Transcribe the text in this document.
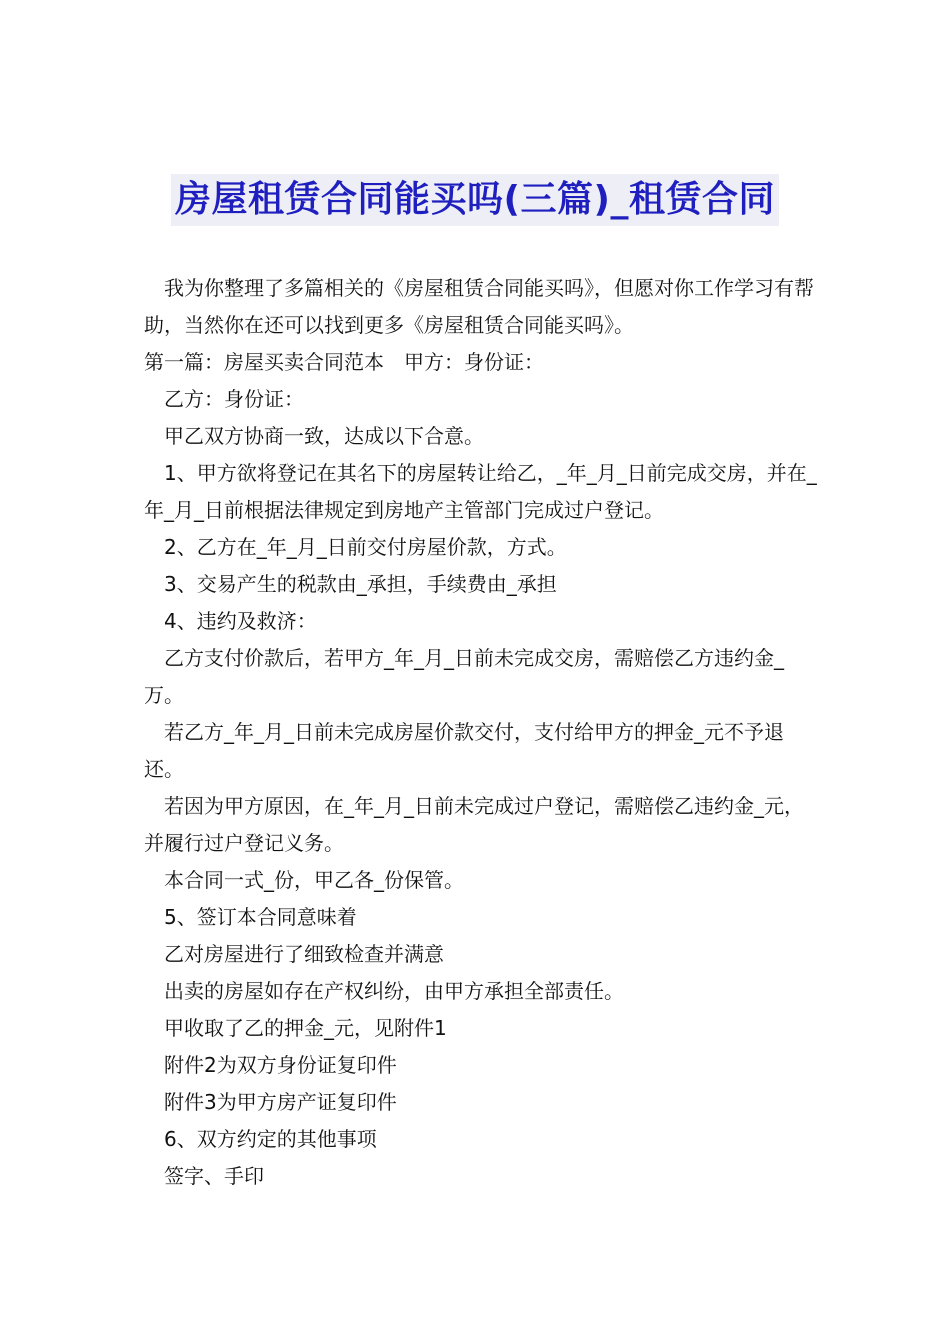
房屋租赁合同能买吗(三篇)_租赁合同

我为你整理了多篇相关的《房屋租赁合同能买吗》，但愿对你工作学习有帮助，当然你在还可以找到更多《房屋租赁合同能买吗》。

第一篇：房屋买卖合同范本　甲方：身份证：

乙方：身份证：

甲乙双方协商一致，达成以下合意。

1、甲方欲将登记在其名下的房屋转让给乙，_年_月_日前完成交房，并在_年_月_日前根据法律规定到房地产主管部门完成过户登记。

2、乙方在_年_月_日前交付房屋价款，方式。

3、交易产生的税款由_承担，手续费由_承担

4、违约及救济：

乙方支付价款后，若甲方_年_月_日前未完成交房，需赔偿乙方违约金_万。

若乙方_年_月_日前未完成房屋价款交付，支付给甲方的押金_元不予退还。

若因为甲方原因，在_年_月_日前未完成过户登记，需赔偿乙违约金_元，并履行过户登记义务。

本合同一式_份，甲乙各_份保管。

5、签订本合同意味着

乙对房屋进行了细致检查并满意

出卖的房屋如存在产权纠纷，由甲方承担全部责任。

甲收取了乙的押金_元，见附件1

附件2为双方身份证复印件

附件3为甲方房产证复印件

6、双方约定的其他事项

签字、手印
